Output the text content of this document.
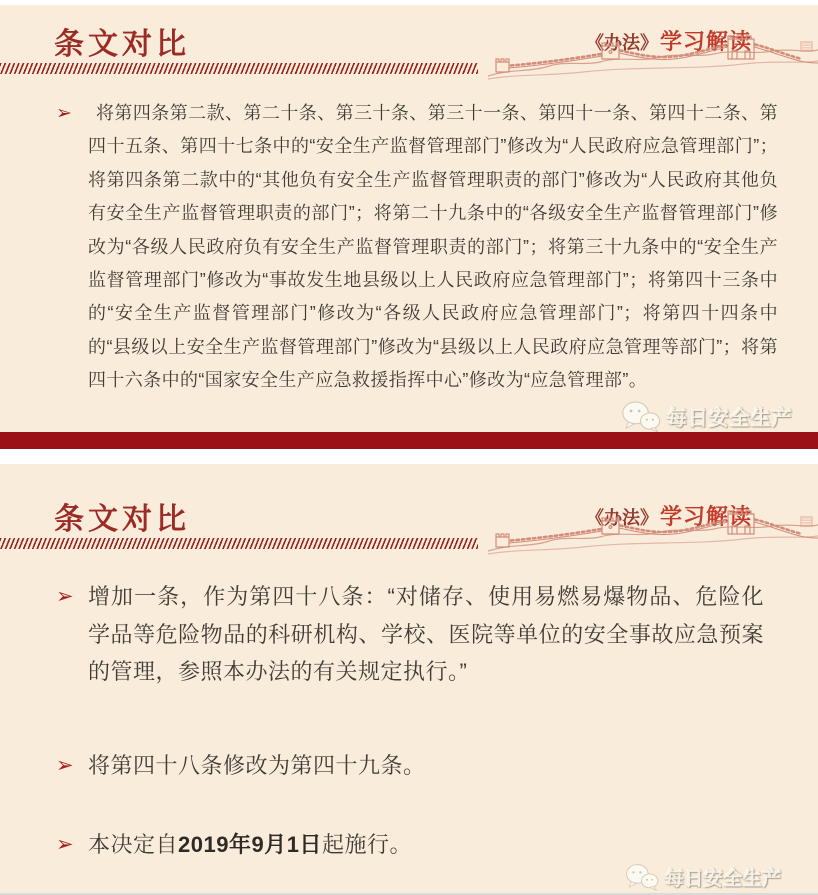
条文对比	《办法》 学习解读
➢	将第四条第二款、第二十条、第三十条、第三十一条、第四十一条、第四十二条、第四十五条、第四十七条中的“安全生产监督管理部门”修改为“人民政府应急管理部门”；将第四条第二款中的“其他负有安全生产监督管理职责的部门”修改为“人民政府其他负有安全生产监督管理职责的部门”；将第二十九条中的“各级安全生产监督管理部门”修改为“各级人民政府负有安全生产监督管理职责的部门”；将第三十九条中的“安全生产监督管理部门”修改为“事故发生地县级以上人民政府应急管理部门”；将第四十三条中的“安全生产监督管理部门”修改为“各级人民政府应急管理部门”；将第四十四条中的“县级以上安全生产监督管理部门”修改为“县级以上人民政府应急管理等部门”；将第四十六条中的“国家安全生产应急救援指挥中心”修改为“应急管理部”。

每日安全生产
条文对比	《办法》 学习解读
➢ 增加一条，作为第四十八条：“对储存、使用易燃易爆物品、危险化学品等危险物品的科研机构、学校、医院等单位的安全事故应急预案的管理，参照本办法的有关规定执行。”

➢ 将第四十八条修改为第四十九条。

➢ 本决定自2019年9月1日起施行。

每日安全生产
